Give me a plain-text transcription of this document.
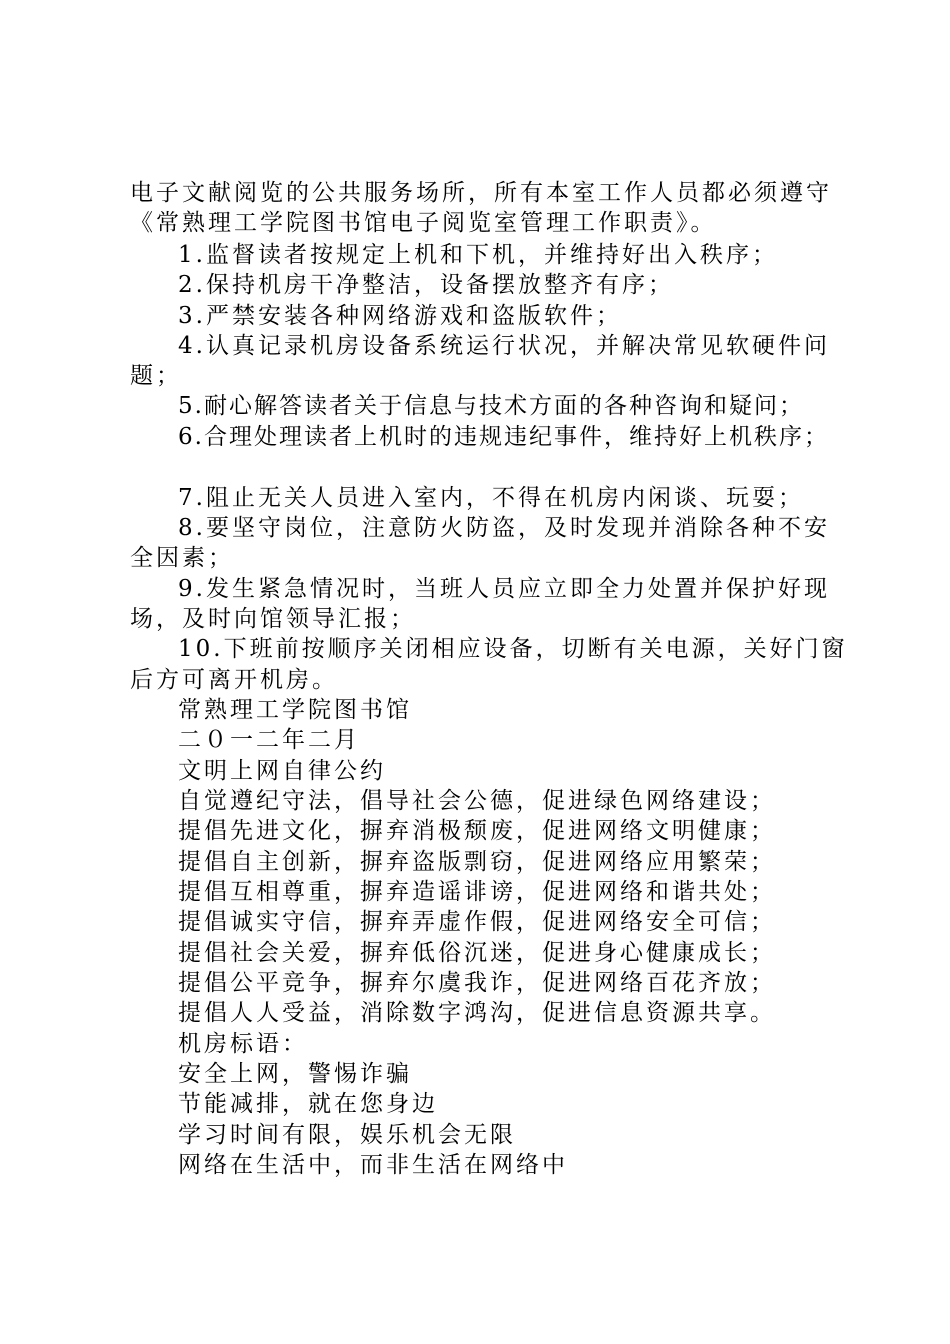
电子文献阅览的公共服务场所，所有本室工作人员都必须遵守
《常熟理工学院图书馆电子阅览室管理工作职责》。
1.监督读者按规定上机和下机，并维持好出入秩序；
2.保持机房干净整洁，设备摆放整齐有序；
3.严禁安装各种网络游戏和盗版软件；
4.认真记录机房设备系统运行状况，并解决常见软硬件问
题；
5.耐心解答读者关于信息与技术方面的各种咨询和疑问；
6.合理处理读者上机时的违规违纪事件，维持好上机秩序；
7.阻止无关人员进入室内，不得在机房内闲谈、玩耍；
8.要坚守岗位，注意防火防盗，及时发现并消除各种不安
全因素；
9.发生紧急情况时，当班人员应立即全力处置并保护好现
场，及时向馆领导汇报；
10.下班前按顺序关闭相应设备，切断有关电源，关好门窗
后方可离开机房。
常熟理工学院图书馆
二０一二年二月
文明上网自律公约
自觉遵纪守法，倡导社会公德，促进绿色网络建设；
提倡先进文化，摒弃消极颓废，促进网络文明健康；
提倡自主创新，摒弃盗版剽窃，促进网络应用繁荣；
提倡互相尊重，摒弃造谣诽谤，促进网络和谐共处；
提倡诚实守信，摒弃弄虚作假，促进网络安全可信；
提倡社会关爱，摒弃低俗沉迷，促进身心健康成长；
提倡公平竞争，摒弃尔虞我诈，促进网络百花齐放；
提倡人人受益，消除数字鸿沟，促进信息资源共享。
机房标语：
安全上网，警惕诈骗
节能减排，就在您身边
学习时间有限，娱乐机会无限
网络在生活中，而非生活在网络中
